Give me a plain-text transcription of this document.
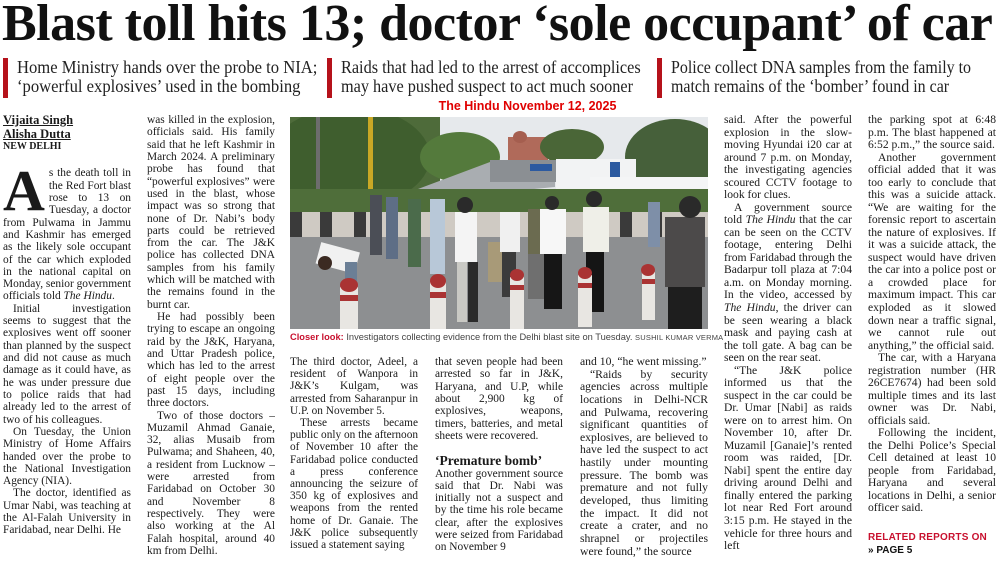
Blast toll hits 13; doctor ‘sole occupant’ of car
Home Ministry hands over the probe to NIA;
‘powerful explosives’ used in the bombing
Raids that had led to the arrest of accomplices
may have pushed suspect to act much sooner
Police collect DNA samples from the family to
match remains of the ‘bomber’ found in car
The Hindu November 12, 2025
Vijaita Singh
Alisha Dutta
NEW DELHI

As the death toll in the Red Fort blast rose to 13 on Tuesday, a doctor from Pulwama in Jammu and Kashmir has emerged as the likely sole occupant of the car which exploded in the national capital on Monday, senior government officials told The Hindu.

Initial investigation seems to suggest that the explosives went off sooner than planned by the suspect and did not cause as much damage as it could have, as he was under pressure due to police raids that had already led to the arrest of two of his colleagues.

On Tuesday, the Union Ministry of Home Affairs handed over the probe to the National Investigation Agency (NIA).

The doctor, identified as Umar Nabi, was teaching at the Al-Falah University in Faridabad, near Delhi. He

was killed in the explosion, officials said. His family said that he left Kashmir in March 2024. A preliminary probe has found that “powerful explosives” were used in the blast, whose impact was so strong that none of Dr. Nabi’s body parts could be retrieved from the car. The J&K police has collected DNA samples from his family which will be matched with the remains found in the burnt car.

He had possibly been trying to escape an ongoing raid by the J&K, Haryana, and Uttar Pradesh police, which has led to the arrest of eight people over the past 15 days, including three doctors.

Two of those doctors – Muzamil Ahmad Ganaie, 32, alias Musaib from Pulwama; and Shaheen, 40, a resident from Lucknow – were arrested from Faridabad on October 30 and November 8 respectively. They were also working at the Al Falah hospital, around 40 km from Delhi.

Closer look: Investigators collecting evidence from the Delhi blast site on Tuesday. SUSHIL KUMAR VERMA

The third doctor, Adeel, a resident of Wanpora in J&K’s Kulgam, was arrested from Saharanpur in U.P. on November 5.

These arrests became public only on the afternoon of November 10 after the Faridabad police conducted a press conference announcing the seizure of 350 kg of explosives and weapons from the rented home of Dr. Ganaie. The J&K police subsequently issued a statement saying

that seven people had been arrested so far in J&K, Haryana, and U.P, while about 2,900 kg of explosives, weapons, timers, batteries, and metal sheets were recovered.

‘Premature bomb’

Another government source said that Dr. Nabi was initially not a suspect and by the time his role became clear, after the explosives were seized from Faridabad on November 9

and 10, “he went missing.”

“Raids by security agencies across multiple locations in Delhi-NCR and Pulwama, recovering significant quantities of explosives, are believed to have led the suspect to act hastily under mounting pressure. The bomb was premature and not fully developed, thus limiting the impact. It did not create a crater, and no shrapnel or projectiles were found,” the source

said. After the powerful explosion in the slow-moving Hyundai i20 car at around 7 p.m. on Monday, the investigating agencies scoured CCTV footage to look for clues.

A government source told The Hindu that the car can be seen on the CCTV footage, entering Delhi from Faridabad through the Badarpur toll plaza at 7:04 a.m. on Monday morning. In the video, accessed by The Hindu, the driver can be seen wearing a black mask and paying cash at the toll gate. A bag can be seen on the rear seat.

“The J&K police informed us that the suspect in the car could be Dr. Umar [Nabi] as raids were on to arrest him. On November 10, after Dr. Muzamil [Ganaie]’s rented room was raided, [Dr. Nabi] spent the entire day driving around Delhi and finally entered the parking lot near Red Fort around 3:15 p.m. He stayed in the vehicle for three hours and left

the parking spot at 6:48 p.m. The blast happened at 6:52 p.m.,” the source said.

Another government official added that it was too early to conclude that this was a suicide attack. “We are waiting for the forensic report to ascertain the nature of explosives. If it was a suicide attack, the suspect would have driven the car into a police post or a crowded place for maximum impact. This car exploded as it slowed down near a traffic signal, we cannot rule out anything,” the official said.

The car, with a Haryana registration number (HR 26CE7674) had been sold multiple times and its last owner was Dr. Nabi, officials said.

Following the incident, the Delhi Police’s Special Cell detained at least 10 people from Faridabad, Haryana and several locations in Delhi, a senior officer said.

RELATED REPORTS ON
» PAGE 5
